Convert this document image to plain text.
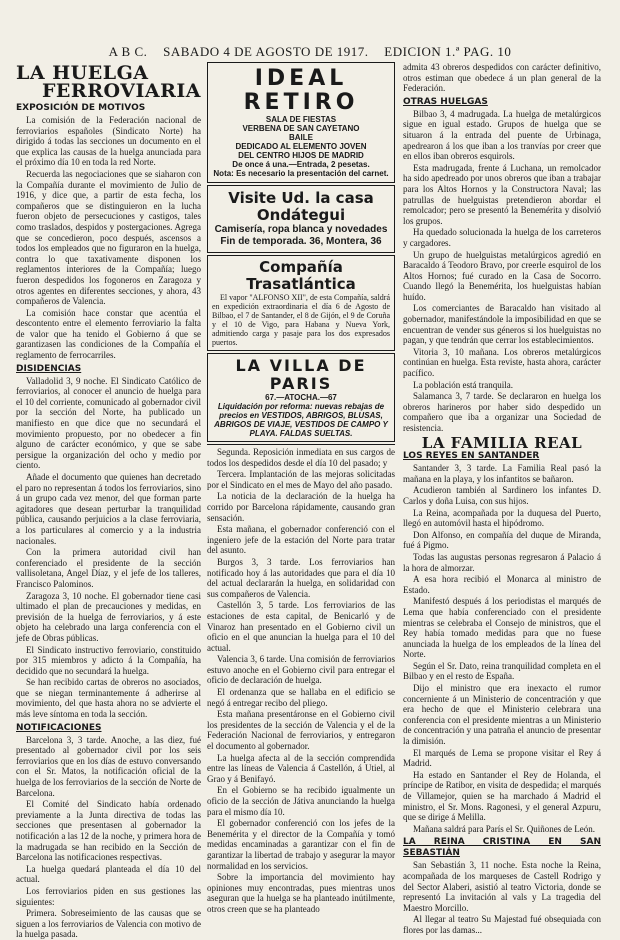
A B C. SABADO 4 DE AGOSTO DE 1917. EDICION 1.ª PAG. 10
LA HUELGA
FERROVIARIA
EXPOSICIÓN DE MOTIVOS

La comisión de la Federación nacional de ferroviarios españoles (Sindicato Norte) ha dirigido á todas las secciones un documento en el que explica las causas de la huelga anunciada para el próximo día 10 en toda la red Norte.

Recuerda las negociaciones que se siaharon con la Compañía durante el movimiento de Julio de 1916, y dice que, a partir de esta fecha, los compañeros que se distinguieron en la lucha fueron objeto de persecuciones y castigos, tales como traslados, despidos y postergaciones. Agrega que se concedieron, poco después, ascensos a todos los empleados que no figuraron en la huelga, contra lo que taxativamente disponen los reglamentos interiores de la Compañía; luego fueron despedidos los fogoneros en Zaragoza y otros agentes en diferentes secciones, y ahora, 43 compañeros de Valencia.

La comisión hace constar que acentúa el descontento entre el elemento ferroviario la falta de valor que ha tenido el Gobierno á que se garantizasen las condiciones de la Compañía el reglamento de ferrocarriles.

DISIDENCIAS

Valladolid 3, 9 noche. El Sindicato Católico de ferroviarios, al conocer el anuncio de huelga para el 10 del corriente, comunicado al gobernador civil por la sección del Norte, ha publicado un manifiesto en que dice que no secundará el movimiento propuesto, por no obedecer a fin alguno de carácter económico, y que se sabe persigue la organización del ocho y medio por ciento.

Añade el documento que quienes han decretado el paro no representan á todos los ferroviarios, sino á un grupo cada vez menor, del que forman parte agitadores que desean perturbar la tranquilidad pública, causando perjuicios a la clase ferroviaria, a los particulares al comercio y a la industria nacionales.

Con la primera autoridad civil han conferenciado el presidente de la sección vallisoletana, Angel Díaz, y el jefe de los talleres, Francisco Palominos.

Zaragoza 3, 10 noche. El gobernador tiene casi ultimado el plan de precauciones y medidas, en previsión de la huelga de ferroviarios, y á este objeto ha celebrado una larga conferencia con el jefe de Obras públicas.

El Sindicato instructivo ferroviario, constituido por 315 miembros y adicto á la Compañía, ha decidido que no secundará la huelga.

Se han recibido cartas de obreros no asociados, que se niegan terminantemente á adherirse al movimiento, del que hasta ahora no se advierte el más leve síntoma en toda la sección.

NOTIFICACIONES

Barcelona 3, 3 tarde. Anoche, a las diez, fué presentado al gobernador civil por los seis ferroviarios que en los días de estuvo conversando con el Sr. Matos, la notificación oficial de la huelga de los ferroviarios de la sección de Norte de Barcelona.

El Comité del Sindicato había ordenado previamente a la Junta directiva de todas las secciones que presentasen al gobernador la notificación a las 12 de la noche, y primera hora de la madrugada se han recibido en la Sección de Barcelona las notificaciones respectivas.

La huelga quedará planteada el día 10 del actual.

Los ferroviarios piden en sus gestiones las siguientes:

Primera. Sobreseimiento de las causas que se siguen a los ferroviarios de Valencia con motivo de la huelga pasada.

IDEAL RETIRO
SALA DE FIESTAS
VERBENA DE SAN CAYETANO
BAILE
DEDICADO AL ELEMENTO JOVEN
DEL CENTRO HIJOS DE MADRID
De once á una.—Entrada, 2 pesetas.
Nota: Es necesario la presentación del carnet.
Visite Ud. la casa Ondátegui
Camisería, ropa blanca y novedades
Fin de temporada. 36, Montera, 36
Compañía Trasatlántica

El vapor "ALFONSO XII", de esta Compañía, saldrá en expedición extraordinaria el día 6 de Agosto de Bilbao, el 7 de Santander, el 8 de Gijón, el 9 de Coruña y el 10 de Vigo, para Habana y Nueva York, admitiendo carga y pasaje para los dos expresados puertos.

LA VILLA DE PARIS
67.—ATOCHA.—67
Liquidación por reforma: nuevas rebajas de precios en VESTIDOS, ABRIGOS, BLUSAS, ABRIGOS DE VIAJE, VESTIDOS DE CAMPO Y PLAYA. FALDAS SUELTAS.

Segunda. Reposición inmediata en sus cargos de todos los despedidos desde el día 10 del pasado; y

Tercera. Implantación de las mejoras solicitadas por el Sindicato en el mes de Mayo del año pasado.

La noticia de la declaración de la huelga ha corrido por Barcelona rápidamente, causando gran sensación.

Esta mañana, el gobernador conferenció con el ingeniero jefe de la estación del Norte para tratar del asunto.

Burgos 3, 3 tarde. Los ferroviarios han notificado hoy á las autoridades que para el día 10 del actual declararán la huelga, en solidaridad con sus compañeros de Valencia.

Castellón 3, 5 tarde. Los ferroviarios de las estaciones de esta capital, de Benicarló y de Vinaroz han presentado en el Gobierno civil un oficio en el que anuncian la huelga para el 10 del actual.

Valencia 3, 6 tarde. Una comisión de ferroviarios estuvo anoche en el Gobierno civil para entregar el oficio de declaración de huelga.

El ordenanza que se hallaba en el edificio se negó á entregar recibo del pliego.

Esta mañana presentáronse en el Gobierno civil los presidentes de la sección de Valencia y el de la Federación Nacional de ferroviarios, y entregaron el documento al gobernador.

La huelga afecta al de la sección comprendida entre las líneas de Valencia á Castellón, á Utiel, al Grao y á Benifayó.

En el Gobierno se ha recibido igualmente un oficio de la sección de Játiva anunciando la huelga para el mismo día 10.

El gobernador conferenció con los jefes de la Benemérita y el director de la Compañía y tomó medidas encaminadas a garantizar con el fin de garantizar la libertad de trabajo y asegurar la mayor normalidad en los servicios.

Sobre la importancia del movimiento hay opiniones muy encontradas, pues mientras unos aseguran que la huelga se ha planteado inútilmente, otros creen que se ha planteado

admita 43 obreros despedidos con carácter definitivo, otros estiman que obedece á un plan general de la Federación.

OTRAS HUELGAS

Bilbao 3, 4 madrugada. La huelga de metalúrgicos sigue en igual estado. Grupos de huelga que se situaron á la entrada del puente de Urbinaga, apedrearon á los que iban a los tranvías por creer que en ellos iban obreros esquirols.

Esta madrugada, frente á Luchana, un remolcador ha sido apedreado por unos obreros que iban a trabajar para los Altos Hornos y la Constructora Naval; las patrullas de huelguistas pretendieron abordar el remolcador; pero se presentó la Benemérita y disolvió los grupos.

Ha quedado solucionada la huelga de los carreteros y cargadores.

Un grupo de huelguistas metalúrgicos agredió en Baracaldo á Teodoro Bravo, por creerle esquirol de los Altos Hornos; fué curado en la Casa de Socorro. Cuando llegó la Benemérita, los huelguistas habían huído.

Los comerciantes de Baracaldo han visitado al gobernador, manifestándole la imposibilidad en que se encuentran de vender sus géneros si los huelguistas no pagan, y que tendrán que cerrar los establecimientos.

Vitoria 3, 10 mañana. Los obreros metalúrgicos continúan en huelga. Esta reviste, hasta ahora, carácter pacífico.

La población está tranquila.

Salamanca 3, 7 tarde. Se declararon en huelga los obreros harineros por haber sido despedido un compañero que iba a organizar una Sociedad de resistencia.

LA FAMILIA REAL
LOS REYES EN SANTANDER

Santander 3, 3 tarde. La Familia Real pasó la mañana en la playa, y los infantitos se bañaron.

Acudieron también al Sardinero los infantes D. Carlos y doña Luisa, con sus hijos.

La Reina, acompañada por la duquesa del Puerto, llegó en automóvil hasta el hipódromo.

Don Alfonso, en compañía del duque de Miranda, fué á Pigmo.

Todas las augustas personas regresaron á Palacio á la hora de almorzar.

A esa hora recibió el Monarca al ministro de Estado.

Manifestó después á los periodistas el marqués de Lema que había conferenciado con el presidente mientras se celebraba el Consejo de ministros, que el Rey había tomado medidas para que no fuese anunciada la huelga de los empleados de la línea del Norte.

Según el Sr. Dato, reina tranquilidad completa en el Bilbao y en el resto de España.

Dijo el ministro que era inexacto el rumor concerniente á un Ministerio de concentración y que era hecho de que el Ministerio celebrara una conferencia con el presidente mientras a un Ministerio de concentración y una patraña el anuncio de presentar la dimisión.

El marqués de Lema se propone visitar el Rey á Madrid.

Ha estado en Santander el Rey de Holanda, el príncipe de Ratibor, en visita de despedida; el marqués de Villamejor, quien se ha marchado á Madrid el ministro, el Sr. Mons. Ragonesi, y el general Azpuru, que se dirige á Melilla.

Mañana saldrá para París el Sr. Quiñones de León.

LA REINA CRISTINA EN SAN SEBASTIÁN

San Sebastián 3, 11 noche. Esta noche la Reina, acompañada de los marqueses de Castell Rodrigo y del Sector Alaberi, asistió al teatro Victoria, donde se representó La invitación al vals y La tragedia del Maestro Morcillo.

Al llegar al teatro Su Majestad fué obsequiada con flores por las damas...
